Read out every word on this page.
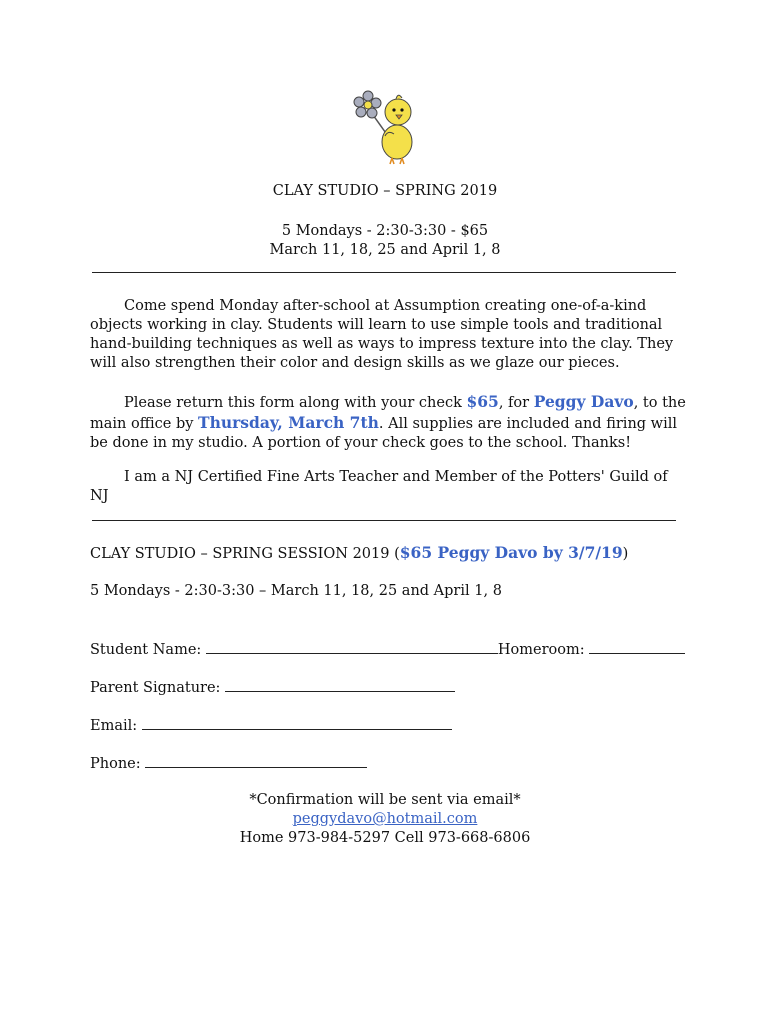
CLAY STUDIO – SPRING 2019
5 Mondays - 2:30-3:30 - $65
March 11, 18, 25 and April 1, 8
Come spend Monday after-school at Assumption creating one-of-a-kind objects working in clay. Students will learn to use simple tools and traditional hand-building techniques as well as ways to impress texture into the clay. They will also strengthen their color and design skills as we glaze our pieces.
Please return this form along with your check $65, for Peggy Davo, to the main office by Thursday, March 7th. All supplies are included and firing will be done in my studio. A portion of your check goes to the school. Thanks!
I am a NJ Certified Fine Arts Teacher and Member of the Potters' Guild of NJ
CLAY STUDIO – SPRING SESSION 2019 ($65 Peggy Davo by 3/7/19)
5 Mondays - 2:30-3:30 – March 11, 18, 25 and April 1, 8
Student Name:	Homeroom:
Parent Signature:
Email:
Phone:
*Confirmation will be sent via email*
peggydavo@hotmail.com
Home 973-984-5297 Cell 973-668-6806
